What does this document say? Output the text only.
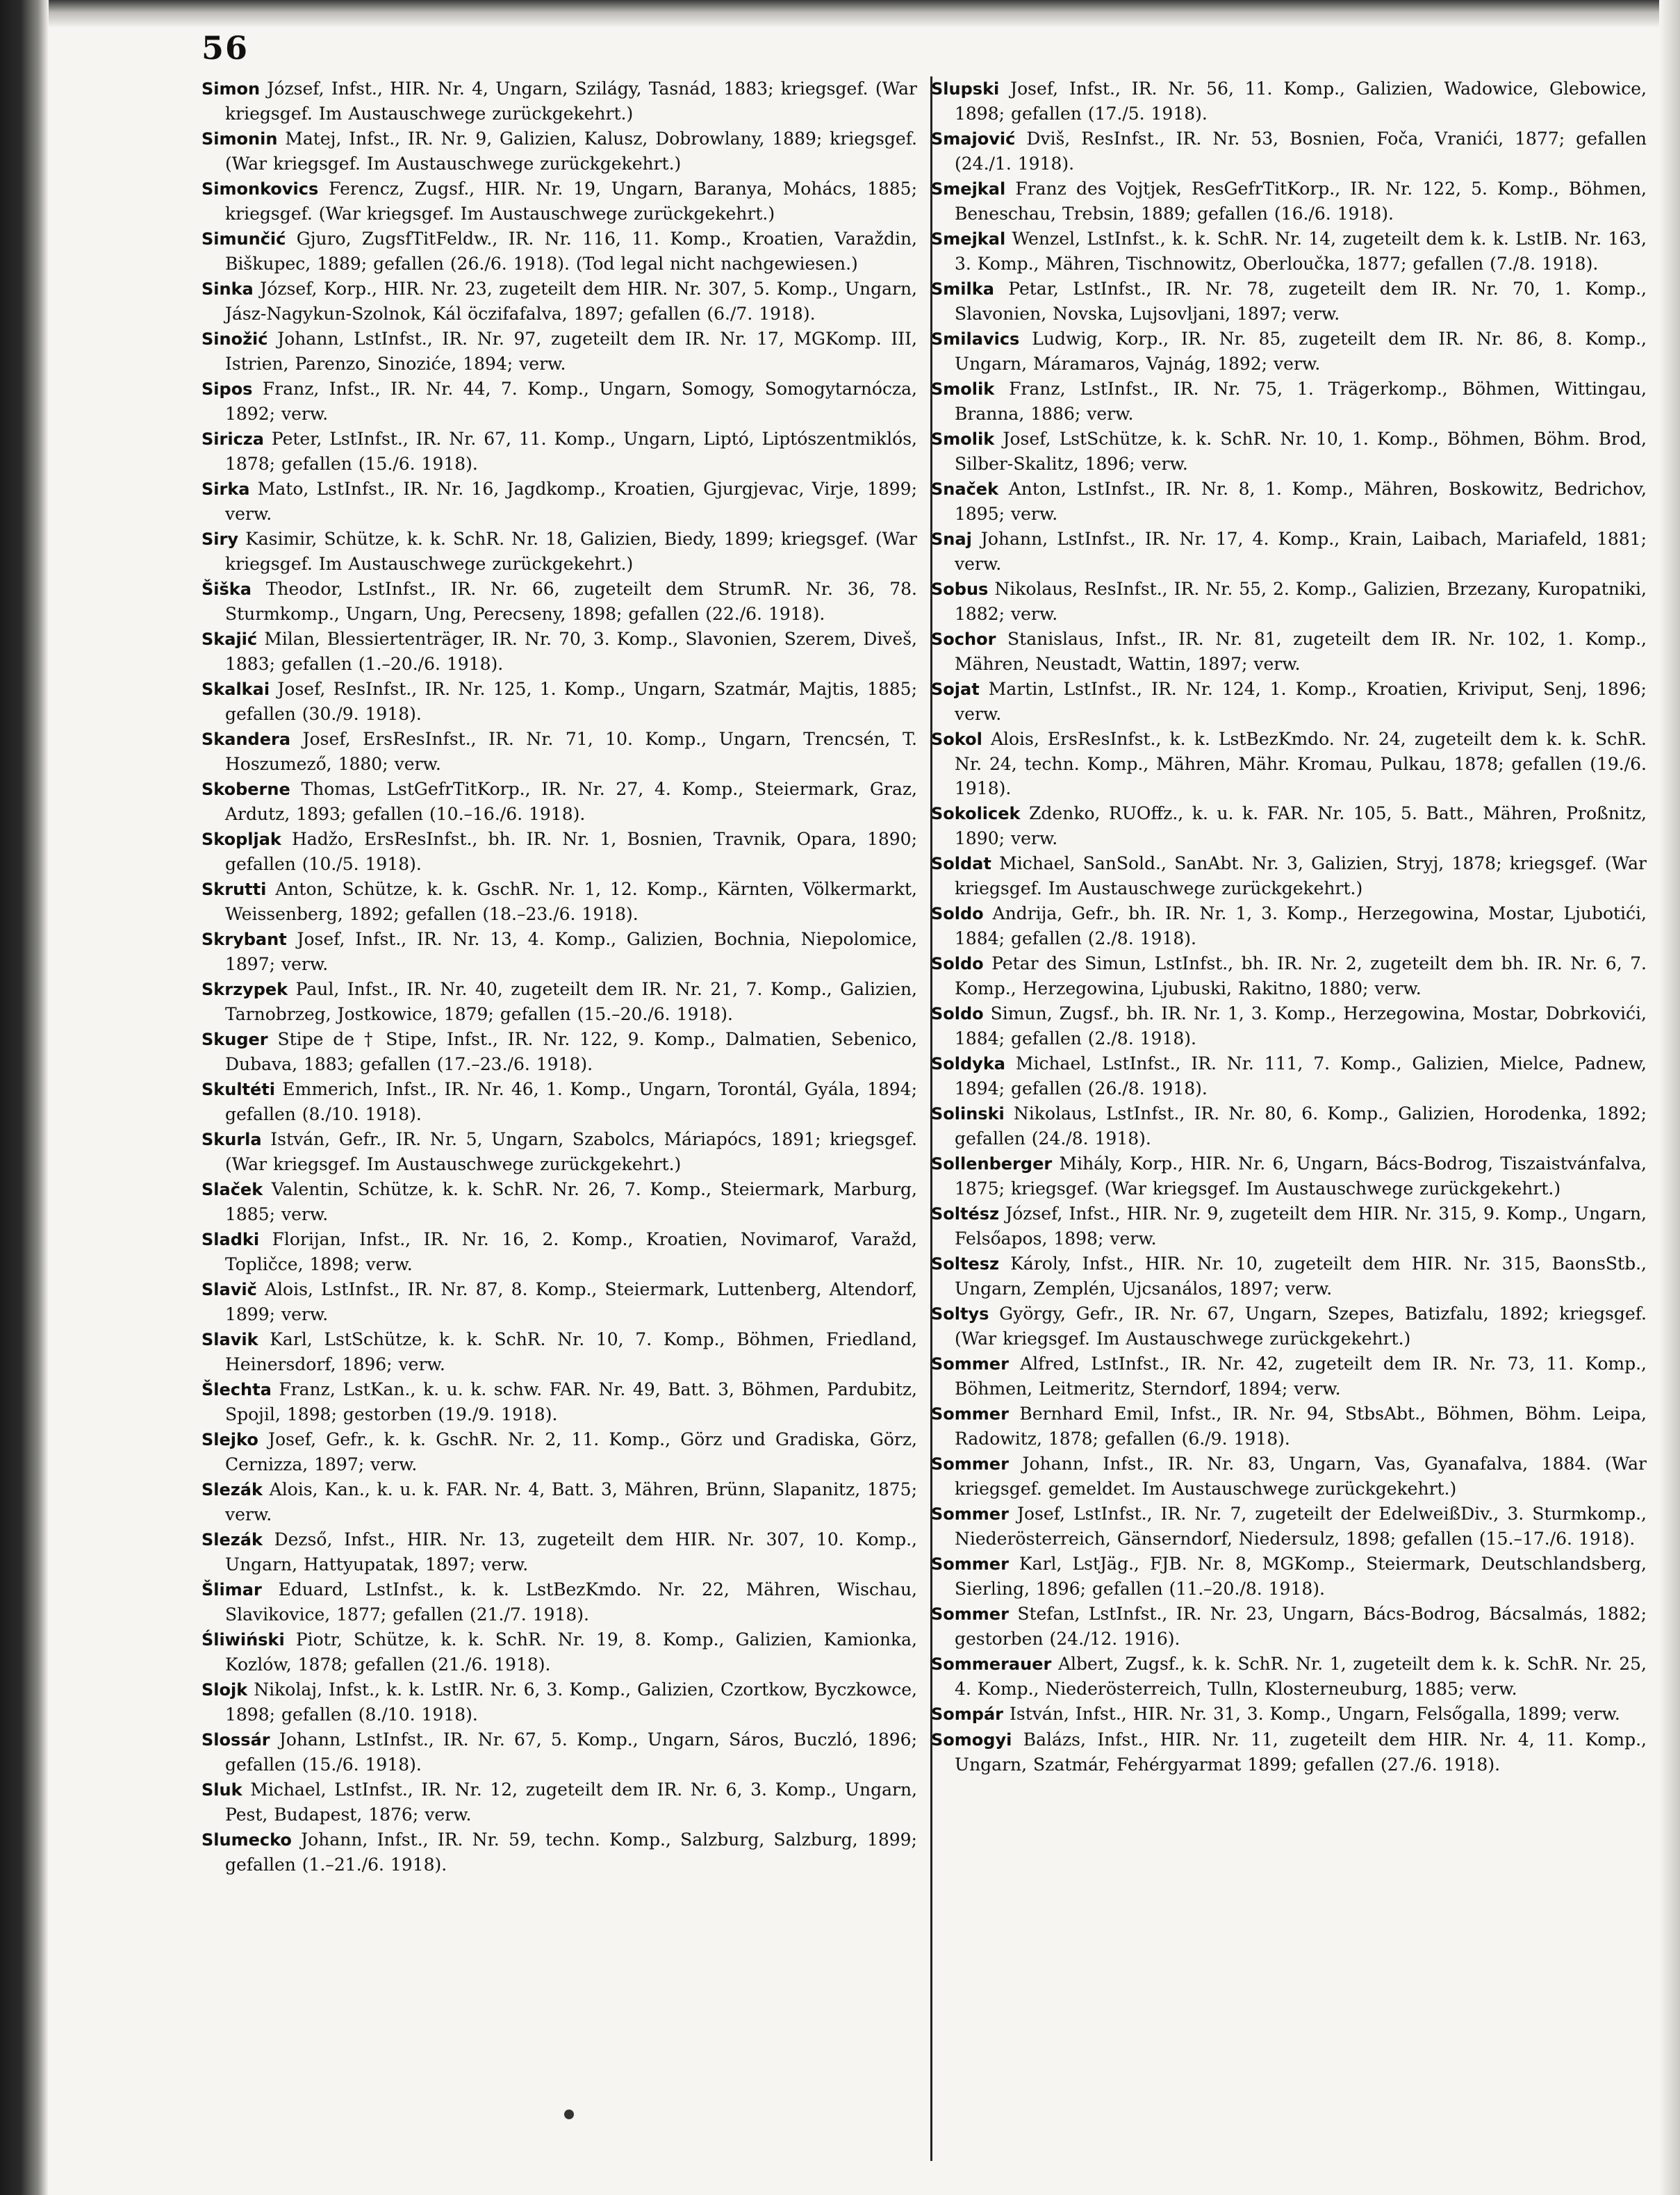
56

Simon József, Infst., HIR. Nr. 4, Ungarn, Szilágy, Tasnád, 1883; kriegsgef. (War kriegsgef. Im Austauschwege zurückgekehrt.)

Simonin Matej, Infst., IR. Nr. 9, Galizien, Kalusz, Dobrowlany, 1889; kriegsgef. (War kriegsgef. Im Austauschwege zurückgekehrt.)

Simonkovics Ferencz, Zugsf., HIR. Nr. 19, Ungarn, Baranya, Mohács, 1885; kriegsgef. (War kriegsgef. Im Austauschwege zurückgekehrt.)

Simunčić Gjuro, ZugsfTitFeldw., IR. Nr. 116, 11. Komp., Kroatien, Varaždin, Biškupec, 1889; gefallen (26./6. 1918). (Tod legal nicht nachgewiesen.)

Sinka József, Korp., HIR. Nr. 23, zugeteilt dem HIR. Nr. 307, 5. Komp., Ungarn, Jász-Nagykun-Szolnok, Kál öczifafalva, 1897; gefallen (6./7. 1918).

Sinožić Johann, LstInfst., IR. Nr. 97, zugeteilt dem IR. Nr. 17, MGKomp. III, Istrien, Parenzo, Sinoziće, 1894; verw.

Sipos Franz, Infst., IR. Nr. 44, 7. Komp., Ungarn, Somogy, Somogytarnócza, 1892; verw.

Siricza Peter, LstInfst., IR. Nr. 67, 11. Komp., Ungarn, Liptó, Liptószentmiklós, 1878; gefallen (15./6. 1918).

Sirka Mato, LstInfst., IR. Nr. 16, Jagdkomp., Kroatien, Gjurgjevac, Virje, 1899; verw.

Siry Kasimir, Schütze, k. k. SchR. Nr. 18, Galizien, Biedy, 1899; kriegsgef. (War kriegsgef. Im Austauschwege zurückgekehrt.)

Šiška Theodor, LstInfst., IR. Nr. 66, zugeteilt dem StrumR. Nr. 36, 78. Sturmkomp., Ungarn, Ung, Perecseny, 1898; gefallen (22./6. 1918).

Skajić Milan, Blessiertenträger, IR. Nr. 70, 3. Komp., Slavonien, Szerem, Diveš, 1883; gefallen (1.–20./6. 1918).

Skalkai Josef, ResInfst., IR. Nr. 125, 1. Komp., Ungarn, Szatmár, Majtis, 1885; gefallen (30./9. 1918).

Skandera Josef, ErsResInfst., IR. Nr. 71, 10. Komp., Ungarn, Trencsén, T. Hoszumező, 1880; verw.

Skoberne Thomas, LstGefrTitKorp., IR. Nr. 27, 4. Komp., Steiermark, Graz, Ardutz, 1893; gefallen (10.–16./6. 1918).

Skopljak Hadžo, ErsResInfst., bh. IR. Nr. 1, Bosnien, Travnik, Opara, 1890; gefallen (10./5. 1918).

Skrutti Anton, Schütze, k. k. GschR. Nr. 1, 12. Komp., Kärnten, Völkermarkt, Weissenberg, 1892; gefallen (18.–23./6. 1918).

Skrybant Josef, Infst., IR. Nr. 13, 4. Komp., Galizien, Bochnia, Niepolomice, 1897; verw.

Skrzypek Paul, Infst., IR. Nr. 40, zugeteilt dem IR. Nr. 21, 7. Komp., Galizien, Tarnobrzeg, Jostkowice, 1879; gefallen (15.–20./6. 1918).

Skuger Stipe de † Stipe, Infst., IR. Nr. 122, 9. Komp., Dalmatien, Sebenico, Dubava, 1883; gefallen (17.–23./6. 1918).

Skultéti Emmerich, Infst., IR. Nr. 46, 1. Komp., Ungarn, Torontál, Gyála, 1894; gefallen (8./10. 1918).

Skurla István, Gefr., IR. Nr. 5, Ungarn, Szabolcs, Máriapócs, 1891; kriegsgef. (War kriegsgef. Im Austauschwege zurückgekehrt.)

Slaček Valentin, Schütze, k. k. SchR. Nr. 26, 7. Komp., Steiermark, Marburg, 1885; verw.

Sladki Florijan, Infst., IR. Nr. 16, 2. Komp., Kroatien, Novimarof, Varažd, Topličce, 1898; verw.

Slavič Alois, LstInfst., IR. Nr. 87, 8. Komp., Steiermark, Luttenberg, Altendorf, 1899; verw.

Slavik Karl, LstSchütze, k. k. SchR. Nr. 10, 7. Komp., Böhmen, Friedland, Heinersdorf, 1896; verw.

Šlechta Franz, LstKan., k. u. k. schw. FAR. Nr. 49, Batt. 3, Böhmen, Pardubitz, Spojil, 1898; gestorben (19./9. 1918).

Slejko Josef, Gefr., k. k. GschR. Nr. 2, 11. Komp., Görz und Gradiska, Görz, Cernizza, 1897; verw.

Slezák Alois, Kan., k. u. k. FAR. Nr. 4, Batt. 3, Mähren, Brünn, Slapanitz, 1875; verw.

Slezák Dezső, Infst., HIR. Nr. 13, zugeteilt dem HIR. Nr. 307, 10. Komp., Ungarn, Hattyupatak, 1897; verw.

Šlimar Eduard, LstInfst., k. k. LstBezKmdo. Nr. 22, Mähren, Wischau, Slavikovice, 1877; gefallen (21./7. 1918).

Śliwiński Piotr, Schütze, k. k. SchR. Nr. 19, 8. Komp., Galizien, Kamionka, Kozlów, 1878; gefallen (21./6. 1918).

Slojk Nikolaj, Infst., k. k. LstIR. Nr. 6, 3. Komp., Galizien, Czortkow, Byczkowce, 1898; gefallen (8./10. 1918).

Slossár Johann, LstInfst., IR. Nr. 67, 5. Komp., Ungarn, Sáros, Buczló, 1896; gefallen (15./6. 1918).

Sluk Michael, LstInfst., IR. Nr. 12, zugeteilt dem IR. Nr. 6, 3. Komp., Ungarn, Pest, Budapest, 1876; verw.

Slumecko Johann, Infst., IR. Nr. 59, techn. Komp., Salzburg, Salzburg, 1899; gefallen (1.–21./6. 1918).

Slupski Josef, Infst., IR. Nr. 56, 11. Komp., Galizien, Wadowice, Glebowice, 1898; gefallen (17./5. 1918).

Smajović Dviš, ResInfst., IR. Nr. 53, Bosnien, Foča, Vranići, 1877; gefallen (24./1. 1918).

Smejkal Franz des Vojtjek, ResGefrTitKorp., IR. Nr. 122, 5. Komp., Böhmen, Beneschau, Trebsin, 1889; gefallen (16./6. 1918).

Smejkal Wenzel, LstInfst., k. k. SchR. Nr. 14, zugeteilt dem k. k. LstIB. Nr. 163, 3. Komp., Mähren, Tischnowitz, Oberloučka, 1877; gefallen (7./8. 1918).

Smilka Petar, LstInfst., IR. Nr. 78, zugeteilt dem IR. Nr. 70, 1. Komp., Slavonien, Novska, Lujsovljani, 1897; verw.

Smilavics Ludwig, Korp., IR. Nr. 85, zugeteilt dem IR. Nr. 86, 8. Komp., Ungarn, Máramaros, Vajnág, 1892; verw.

Smolik Franz, LstInfst., IR. Nr. 75, 1. Trägerkomp., Böhmen, Wittingau, Branna, 1886; verw.

Smolik Josef, LstSchütze, k. k. SchR. Nr. 10, 1. Komp., Böhmen, Böhm. Brod, Silber-Skalitz, 1896; verw.

Snaček Anton, LstInfst., IR. Nr. 8, 1. Komp., Mähren, Boskowitz, Bedrichov, 1895; verw.

Snaj Johann, LstInfst., IR. Nr. 17, 4. Komp., Krain, Laibach, Mariafeld, 1881; verw.

Sobus Nikolaus, ResInfst., IR. Nr. 55, 2. Komp., Galizien, Brzezany, Kuropatniki, 1882; verw.

Sochor Stanislaus, Infst., IR. Nr. 81, zugeteilt dem IR. Nr. 102, 1. Komp., Mähren, Neustadt, Wattin, 1897; verw.

Sojat Martin, LstInfst., IR. Nr. 124, 1. Komp., Kroatien, Kriviput, Senj, 1896; verw.

Sokol Alois, ErsResInfst., k. k. LstBezKmdo. Nr. 24, zugeteilt dem k. k. SchR. Nr. 24, techn. Komp., Mähren, Mähr. Kromau, Pulkau, 1878; gefallen (19./6. 1918).

Sokolicek Zdenko, RUOffz., k. u. k. FAR. Nr. 105, 5. Batt., Mähren, Proßnitz, 1890; verw.

Soldat Michael, SanSold., SanAbt. Nr. 3, Galizien, Stryj, 1878; kriegsgef. (War kriegsgef. Im Austauschwege zurückgekehrt.)

Soldo Andrija, Gefr., bh. IR. Nr. 1, 3. Komp., Herzegowina, Mostar, Ljubotići, 1884; gefallen (2./8. 1918).

Soldo Petar des Simun, LstInfst., bh. IR. Nr. 2, zugeteilt dem bh. IR. Nr. 6, 7. Komp., Herzegowina, Ljubuski, Rakitno, 1880; verw.

Soldo Simun, Zugsf., bh. IR. Nr. 1, 3. Komp., Herzegowina, Mostar, Dobrkovići, 1884; gefallen (2./8. 1918).

Soldyka Michael, LstInfst., IR. Nr. 111, 7. Komp., Galizien, Mielce, Padnew, 1894; gefallen (26./8. 1918).

Solinski Nikolaus, LstInfst., IR. Nr. 80, 6. Komp., Galizien, Horodenka, 1892; gefallen (24./8. 1918).

Sollenberger Mihály, Korp., HIR. Nr. 6, Ungarn, Bács-Bodrog, Tiszaistvánfalva, 1875; kriegsgef. (War kriegsgef. Im Austauschwege zurückgekehrt.)

Soltész József, Infst., HIR. Nr. 9, zugeteilt dem HIR. Nr. 315, 9. Komp., Ungarn, Felsőapos, 1898; verw.

Soltesz Károly, Infst., HIR. Nr. 10, zugeteilt dem HIR. Nr. 315, BaonsStb., Ungarn, Zemplén, Ujcsanálos, 1897; verw.

Soltys György, Gefr., IR. Nr. 67, Ungarn, Szepes, Batizfalu, 1892; kriegsgef. (War kriegsgef. Im Austauschwege zurückgekehrt.)

Sommer Alfred, LstInfst., IR. Nr. 42, zugeteilt dem IR. Nr. 73, 11. Komp., Böhmen, Leitmeritz, Sterndorf, 1894; verw.

Sommer Bernhard Emil, Infst., IR. Nr. 94, StbsAbt., Böhmen, Böhm. Leipa, Radowitz, 1878; gefallen (6./9. 1918).

Sommer Johann, Infst., IR. Nr. 83, Ungarn, Vas, Gyanafalva, 1884. (War kriegsgef. gemeldet. Im Austauschwege zurückgekehrt.)

Sommer Josef, LstInfst., IR. Nr. 7, zugeteilt der EdelweißDiv., 3. Sturmkomp., Niederösterreich, Gänserndorf, Niedersulz, 1898; gefallen (15.–17./6. 1918).

Sommer Karl, LstJäg., FJB. Nr. 8, MGKomp., Steiermark, Deutschlandsberg, Sierling, 1896; gefallen (11.–20./8. 1918).

Sommer Stefan, LstInfst., IR. Nr. 23, Ungarn, Bács-Bodrog, Bácsalmás, 1882; gestorben (24./12. 1916).

Sommerauer Albert, Zugsf., k. k. SchR. Nr. 1, zugeteilt dem k. k. SchR. Nr. 25, 4. Komp., Niederösterreich, Tulln, Klosterneuburg, 1885; verw.

Sompár István, Infst., HIR. Nr. 31, 3. Komp., Ungarn, Felsőgalla, 1899; verw.

Somogyi Balázs, Infst., HIR. Nr. 11, zugeteilt dem HIR. Nr. 4, 11. Komp., Ungarn, Szatmár, Fehérgyarmat 1899; gefallen (27./6. 1918).
